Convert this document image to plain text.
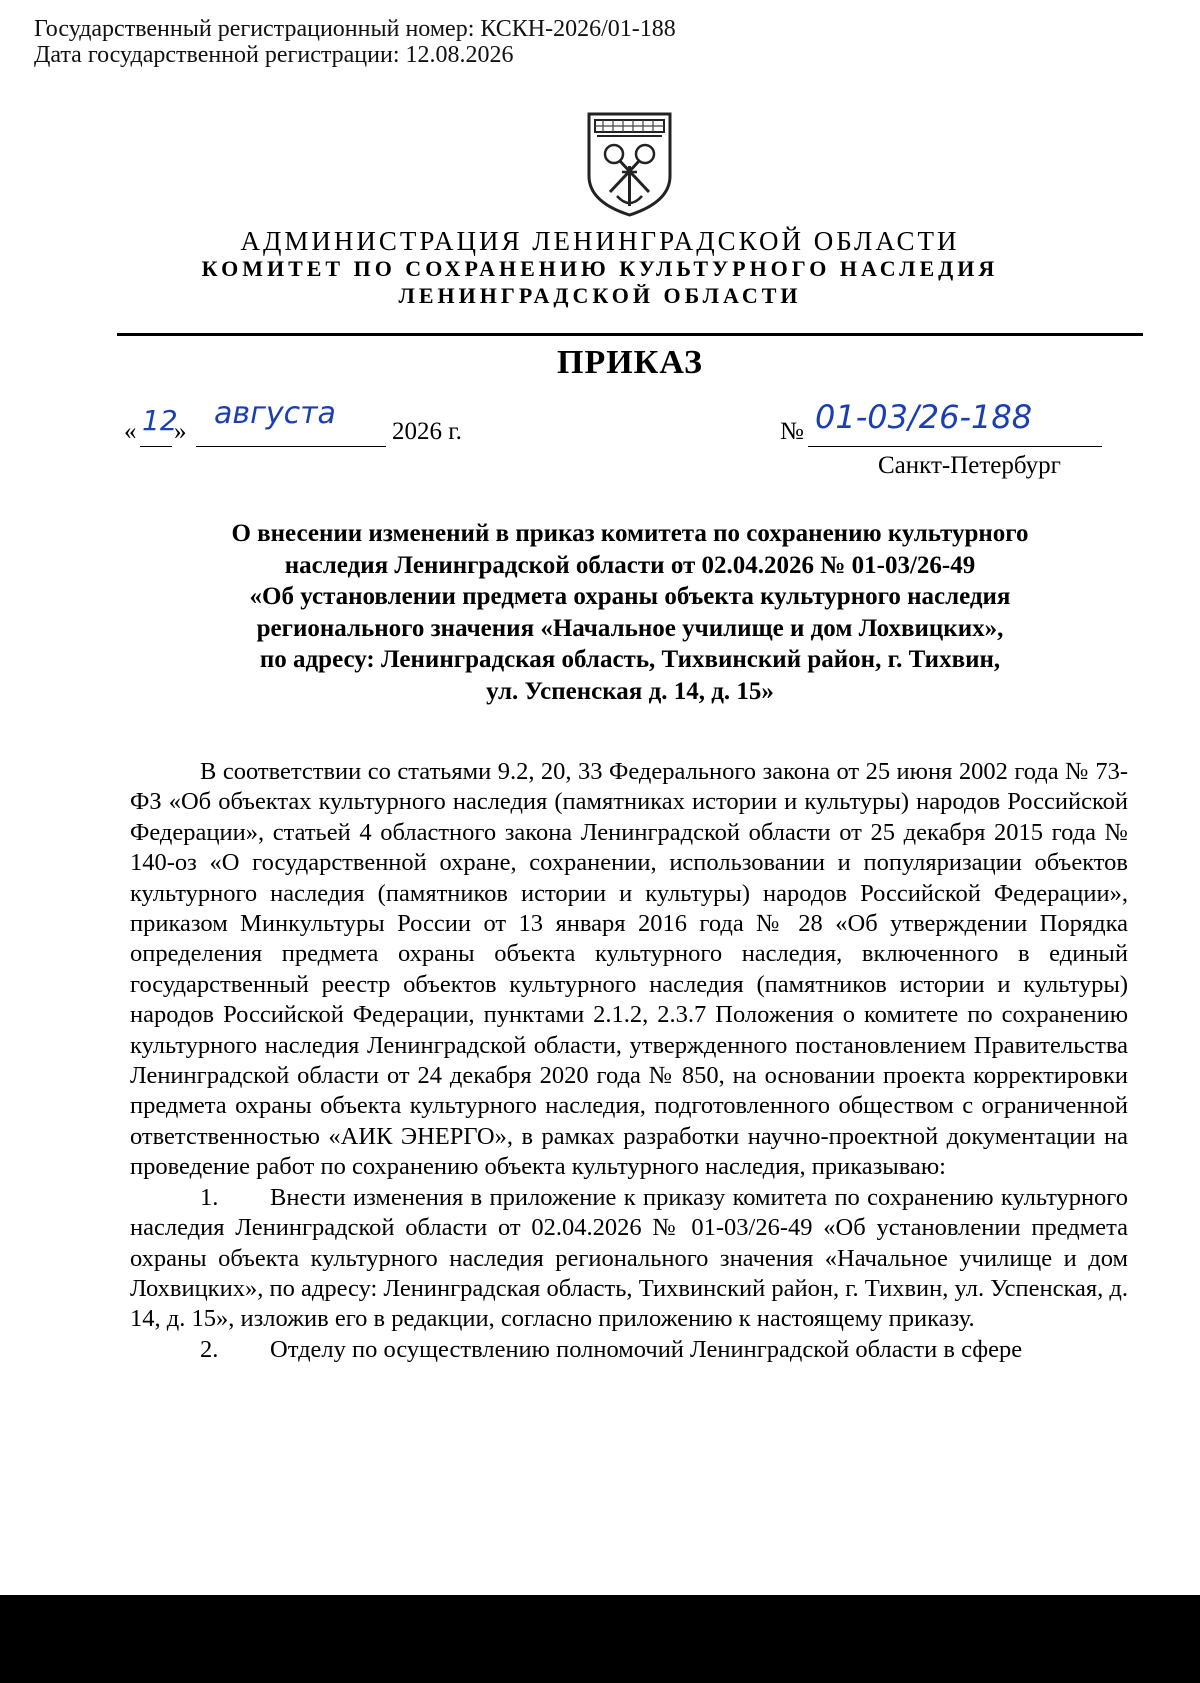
Государственный регистрационный номер: КСКН-2026/01-188
Дата государственной регистрации: 12.08.2026
АДМИНИСТРАЦИЯ ЛЕНИНГРАДСКОЙ ОБЛАСТИ
КОМИТЕТ ПО СОХРАНЕНИЮ КУЛЬТУРНОГО НАСЛЕДИЯ
ЛЕНИНГРАДСКОЙ ОБЛАСТИ
ПРИКАЗ
« 12
»
августа
2026 г.	№ 01-03/26-188
Санкт-Петербург
О внесении изменений в приказ комитета по сохранению культурного
наследия Ленинградской области от 02.04.2026 № 01-03/26-49
«Об установлении предмета охраны объекта культурного наследия
регионального значения «Начальное училище и дом Лохвицких»,
по адресу: Ленинградская область, Тихвинский район, г. Тихвин,
ул. Успенская д. 14, д. 15»

В соответствии со статьями 9.2, 20, 33 Федерального закона от 25 июня 2002 года № 73-ФЗ «Об объектах культурного наследия (памятниках истории и культуры) народов Российской Федерации», статьей 4 областного закона Ленинградской области от 25 декабря 2015 года № 140-оз «О государственной охране, сохранении, использовании и популяризации объектов культурного наследия (памятников истории и культуры) народов Российской Федерации», приказом Минкультуры России от 13 января 2016 года № 28 «Об утверждении Порядка определения предмета охраны объекта культурного наследия, включенного в единый государственный реестр объектов культурного наследия (памятников истории и культуры) народов Российской Федерации, пунктами 2.1.2, 2.3.7 Положения о комитете по сохранению культурного наследия Ленинградской области, утвержденного постановлением Правительства Ленинградской области от 24 декабря 2020 года № 850, на основании проекта корректировки предмета охраны объекта культурного наследия, подготовленного обществом с ограниченной ответственностью «АИК ЭНЕРГО», в рамках разработки научно-проектной документации на проведение работ по сохранению объекта культурного наследия, приказываю:

1. Внести изменения в приложение к приказу комитета по сохранению культурного наследия Ленинградской области от 02.04.2026 № 01-03/26-49 «Об установлении предмета охраны объекта культурного наследия регионального значения «Начальное училище и дом Лохвицких», по адресу: Ленинградская область, Тихвинский район, г. Тихвин, ул. Успенская, д. 14, д. 15», изложив его в редакции, согласно приложению к настоящему приказу.

2. Отделу по осуществлению полномочий Ленинградской области в сфере
